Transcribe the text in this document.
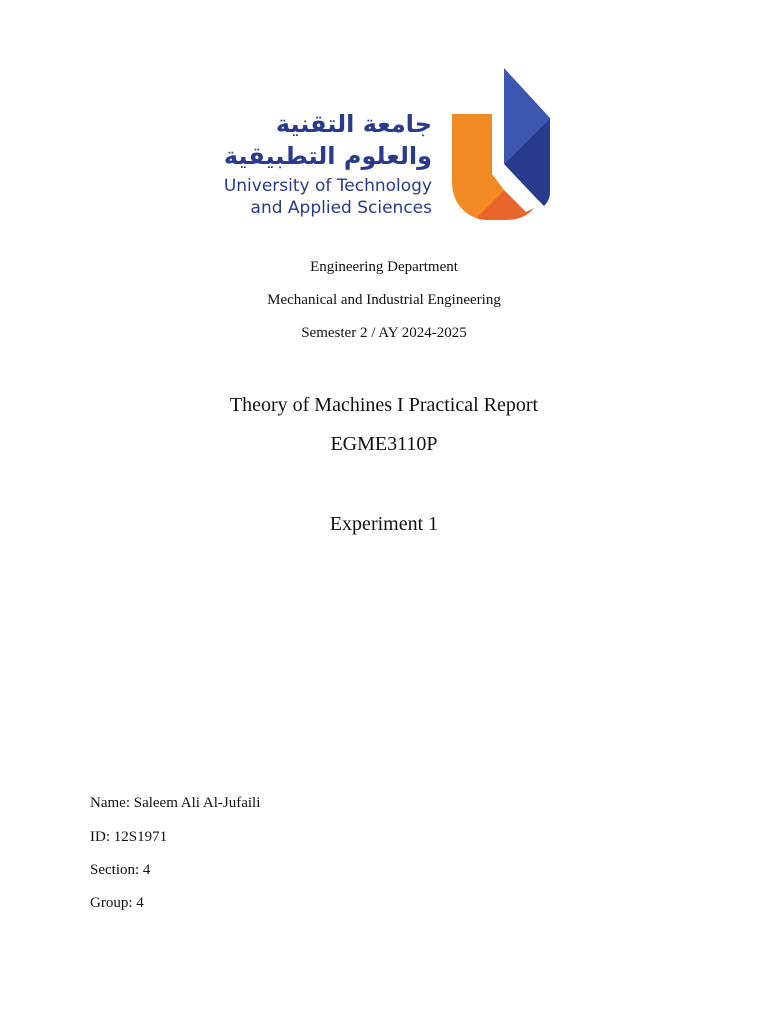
جامعة التقنية
والعلوم التطبيقية
University of Technology
and Applied Sciences
Engineering Department
Mechanical and Industrial Engineering
Semester 2 / AY 2024-2025
Theory of Machines I Practical Report
EGME3110P
Experiment 1
Name: Saleem Ali Al-Jufaili
ID: 12S1971
Section: 4
Group: 4
